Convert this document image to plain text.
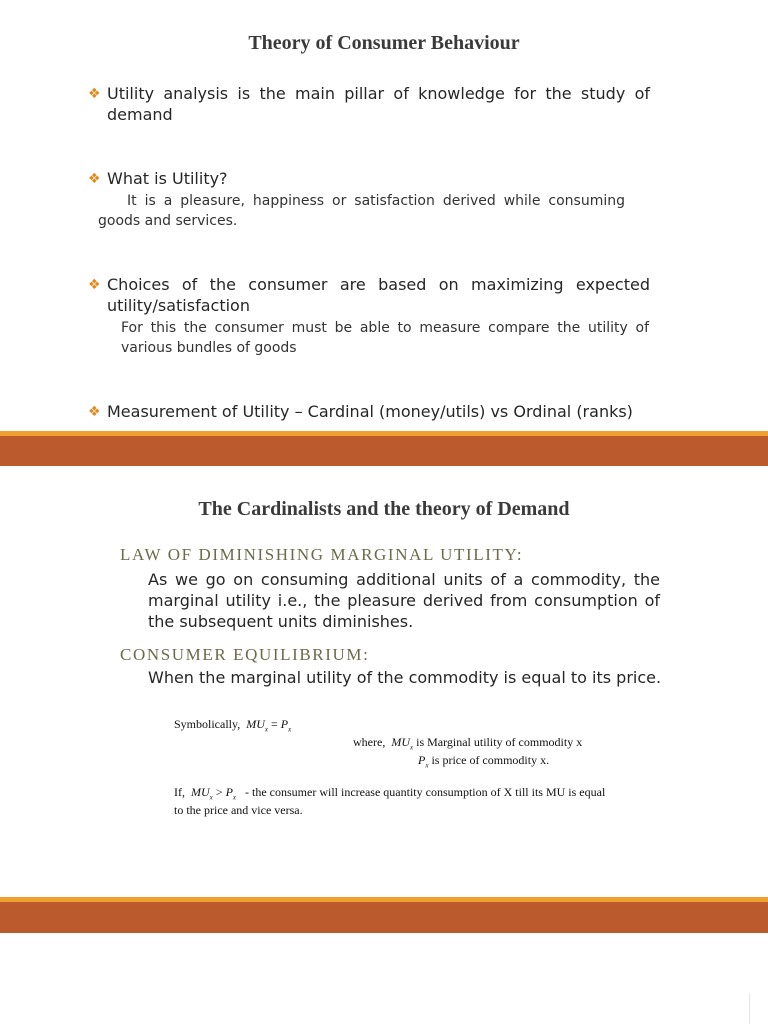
Theory of Consumer Behaviour
❖ Utility analysis is the main pillar of knowledge for the study of demand
❖ What is Utility?
It is a pleasure, happiness or satisfaction derived while consuming goods and services.
❖ Choices of the consumer are based on maximizing expected utility/satisfaction
For this the consumer must be able to measure compare the utility of various bundles of goods
❖ Measurement of Utility – Cardinal (money/utils) vs Ordinal (ranks)
The Cardinalists and the theory of Demand
LAW OF DIMINISHING MARGINAL UTILITY:
As we go on consuming additional units of a commodity, the marginal utility i.e., the pleasure derived from consumption of the subsequent units diminishes.
CONSUMER EQUILIBRIUM:
When the marginal utility of the commodity is equal to its price.
Symbolically, $MU_x = P_x$
where, $MU_x$ is Marginal utility of commodity x
$P_x$ is price of commodity x.
If, $MU_x > P_x$ - the consumer will increase quantity consumption of X till its MU is equal
to the price and vice versa.
